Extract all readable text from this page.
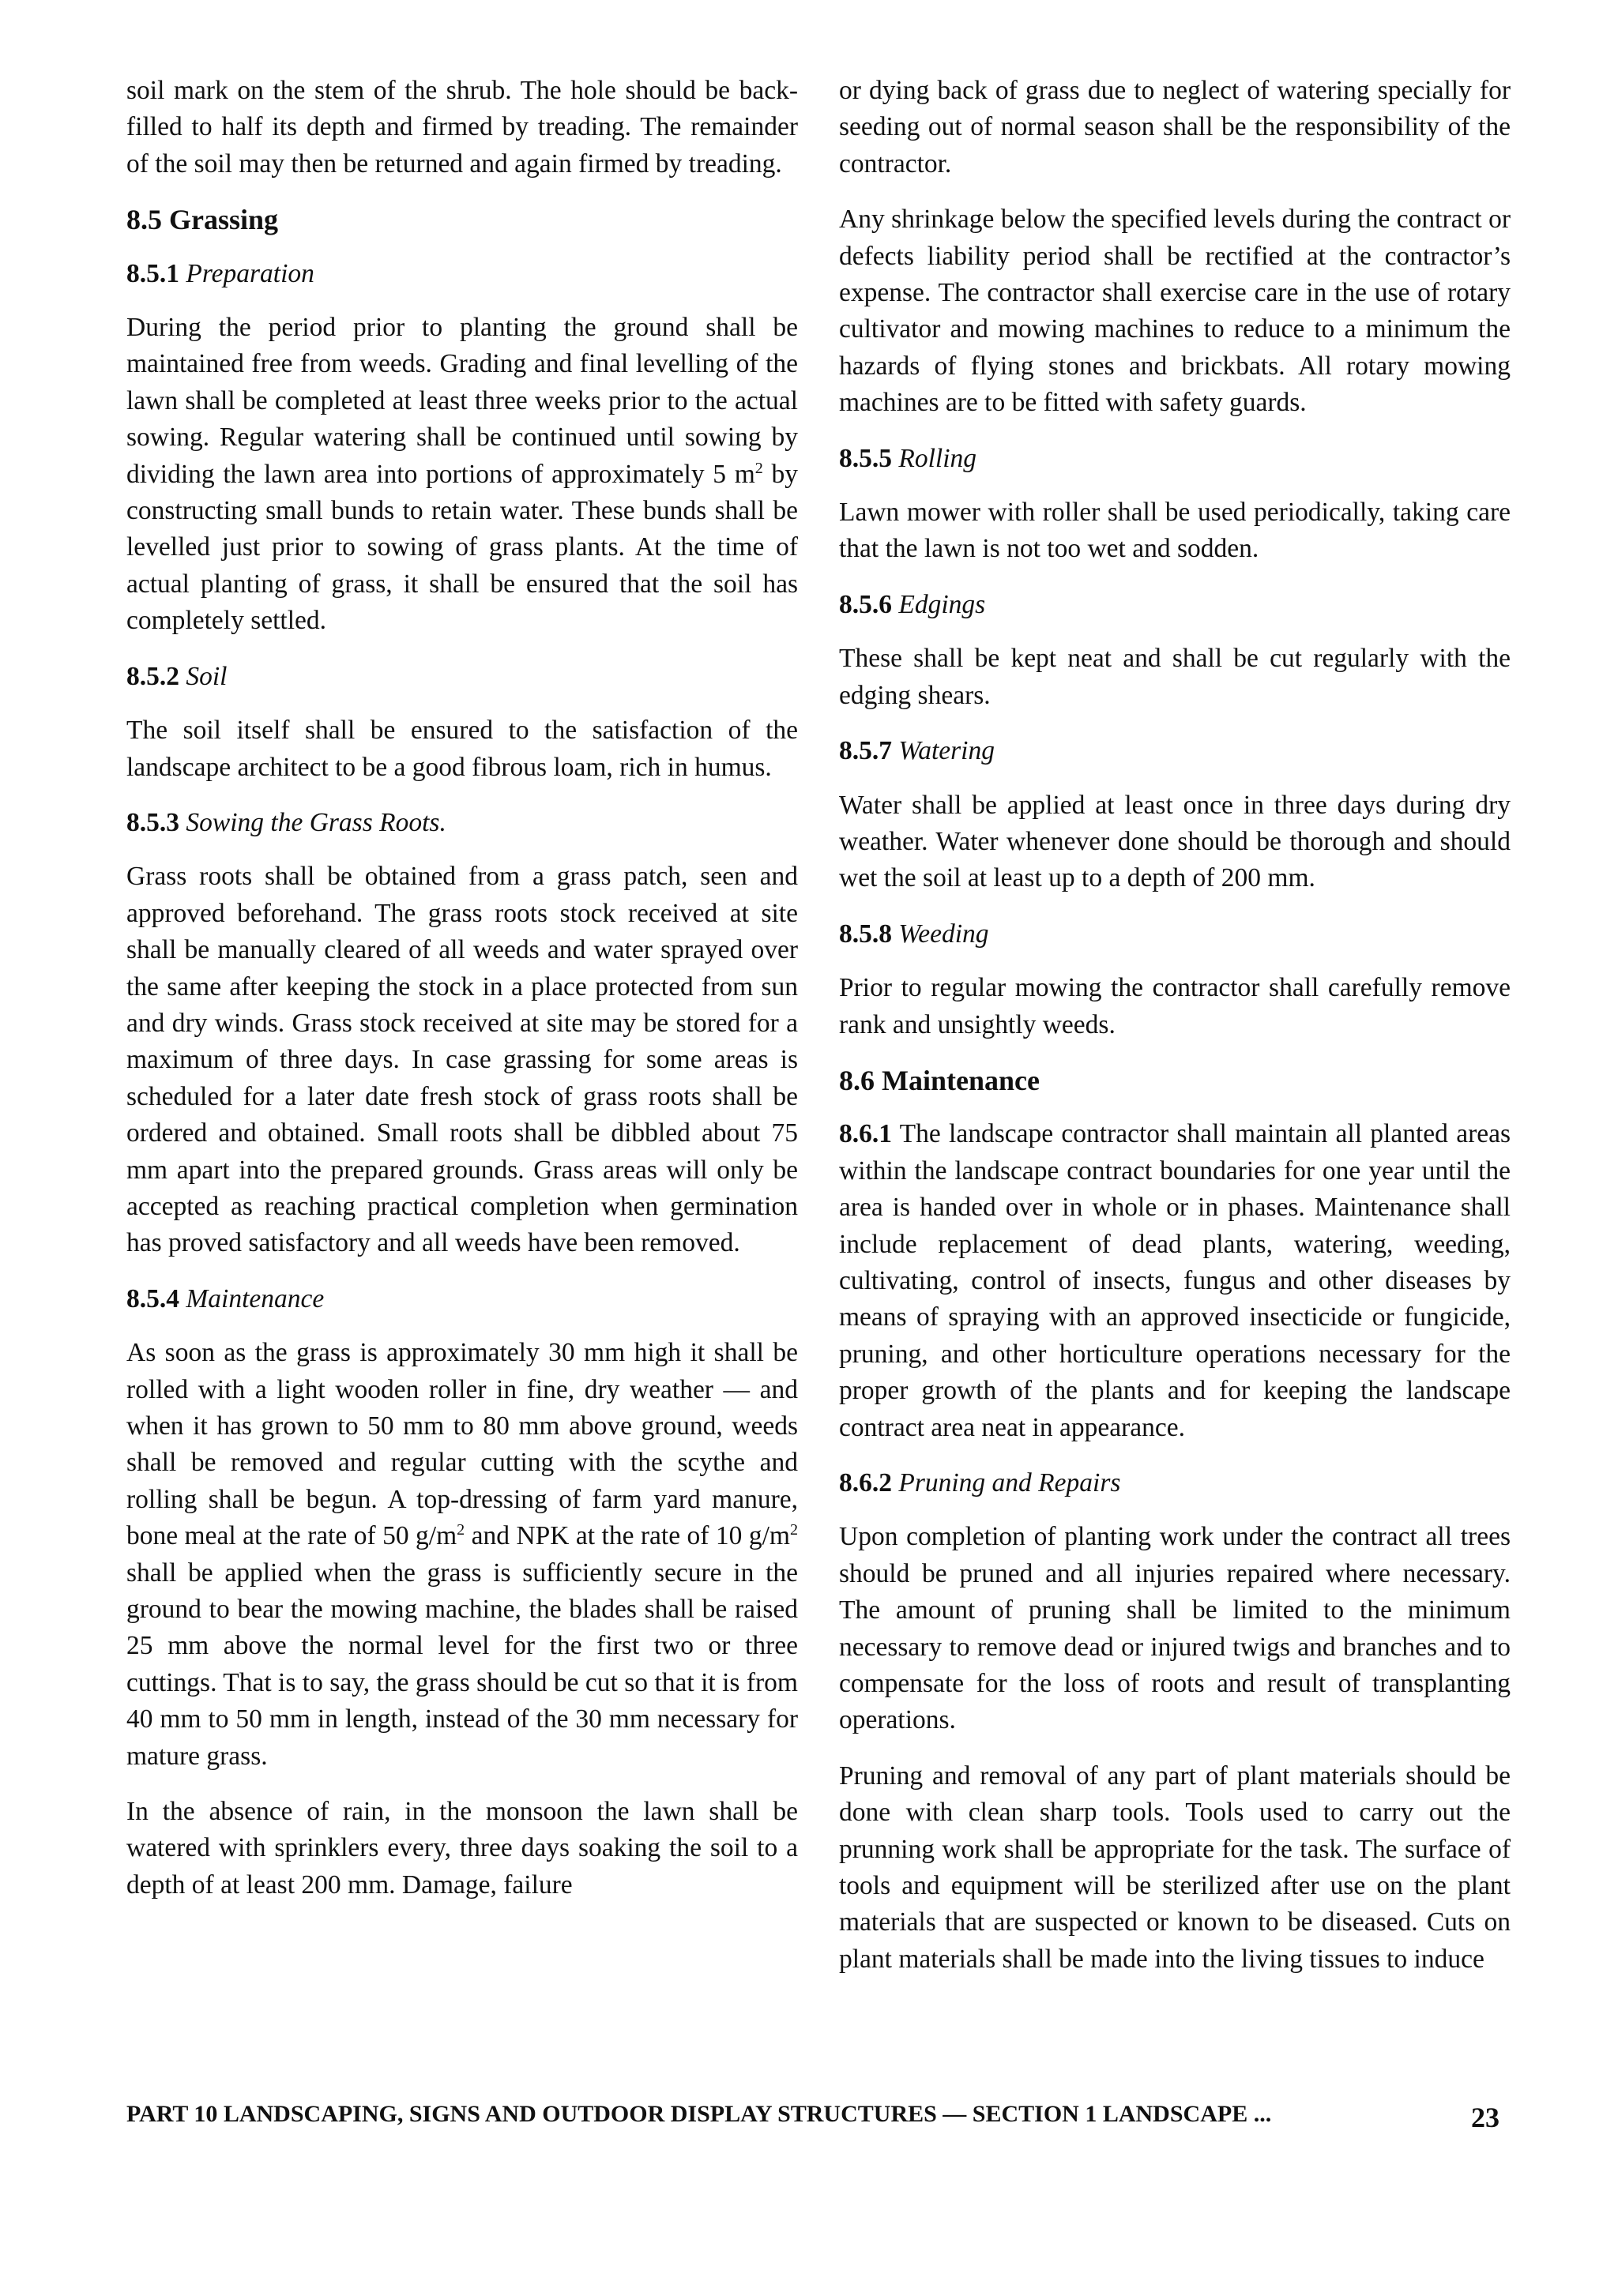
soil mark on the stem of the shrub. The hole should be back-filled to half its depth and firmed by treading. The remainder of the soil may then be returned and again firmed by treading.

8.5 Grassing
8.5.1 Preparation

During the period prior to planting the ground shall be maintained free from weeds. Grading and final levelling of the lawn shall be completed at least three weeks prior to the actual sowing. Regular watering shall be continued until sowing by dividing the lawn area into portions of approximately 5 $m^2$ by constructing small bunds to retain water. These bunds shall be levelled just prior to sowing of grass plants. At the time of actual planting of grass, it shall be ensured that the soil has completely settled.

8.5.2 Soil

The soil itself shall be ensured to the satisfaction of the landscape architect to be a good fibrous loam, rich in humus.

8.5.3 Sowing the Grass Roots.

Grass roots shall be obtained from a grass patch, seen and approved beforehand. The grass roots stock received at site shall be manually cleared of all weeds and water sprayed over the same after keeping the stock in a place protected from sun and dry winds. Grass stock received at site may be stored for a maximum of three days. In case grassing for some areas is scheduled for a later date fresh stock of grass roots shall be ordered and obtained. Small roots shall be dibbled about 75 mm apart into the prepared grounds. Grass areas will only be accepted as reaching practical completion when germination has proved satisfactory and all weeds have been removed.

8.5.4 Maintenance

As soon as the grass is approximately 30 mm high it shall be rolled with a light wooden roller in fine, dry weather — and when it has grown to 50 mm to 80 mm above ground, weeds shall be removed and regular cutting with the scythe and rolling shall be begun. A top-dressing of farm yard manure, bone meal at the rate of 50 $g/m^2$ and NPK at the rate of 10 $g/m^2$ shall be applied when the grass is sufficiently secure in the ground to bear the mowing machine, the blades shall be raised 25 mm above the normal level for the first two or three cuttings. That is to say, the grass should be cut so that it is from 40 mm to 50 mm in length, instead of the 30 mm necessary for mature grass.

In the absence of rain, in the monsoon the lawn shall be watered with sprinklers every, three days soaking the soil to a depth of at least 200 mm. Damage, failure

or dying back of grass due to neglect of watering specially for seeding out of normal season shall be the responsibility of the contractor.

Any shrinkage below the specified levels during the contract or defects liability period shall be rectified at the contractor’s expense. The contractor shall exercise care in the use of rotary cultivator and mowing machines to reduce to a minimum the hazards of flying stones and brickbats. All rotary mowing machines are to be fitted with safety guards.

8.5.5 Rolling

Lawn mower with roller shall be used periodically, taking care that the lawn is not too wet and sodden.

8.5.6 Edgings

These shall be kept neat and shall be cut regularly with the edging shears.

8.5.7 Watering

Water shall be applied at least once in three days during dry weather. Water whenever done should be thorough and should wet the soil at least up to a depth of 200 mm.

8.5.8 Weeding

Prior to regular mowing the contractor shall carefully remove rank and unsightly weeds.

8.6 Maintenance

8.6.1 The landscape contractor shall maintain all planted areas within the landscape contract boundaries for one year until the area is handed over in whole or in phases. Maintenance shall include replacement of dead plants, watering, weeding, cultivating, control of insects, fungus and other diseases by means of spraying with an approved insecticide or fungicide, pruning, and other horticulture operations necessary for the proper growth of the plants and for keeping the landscape contract area neat in appearance.

8.6.2 Pruning and Repairs

Upon completion of planting work under the contract all trees should be pruned and all injuries repaired where necessary. The amount of pruning shall be limited to the minimum necessary to remove dead or injured twigs and branches and to compensate for the loss of roots and result of transplanting operations.

Pruning and removal of any part of plant materials should be done with clean sharp tools. Tools used to carry out the prunning work shall be appropriate for the task. The surface of tools and equipment will be sterilized after use on the plant materials that are suspected or known to be diseased. Cuts on plant materials shall be made into the living tissues to induce

PART 10 LANDSCAPING, SIGNS AND OUTDOOR DISPLAY STRUCTURES — SECTION 1 LANDSCAPE ...	23
